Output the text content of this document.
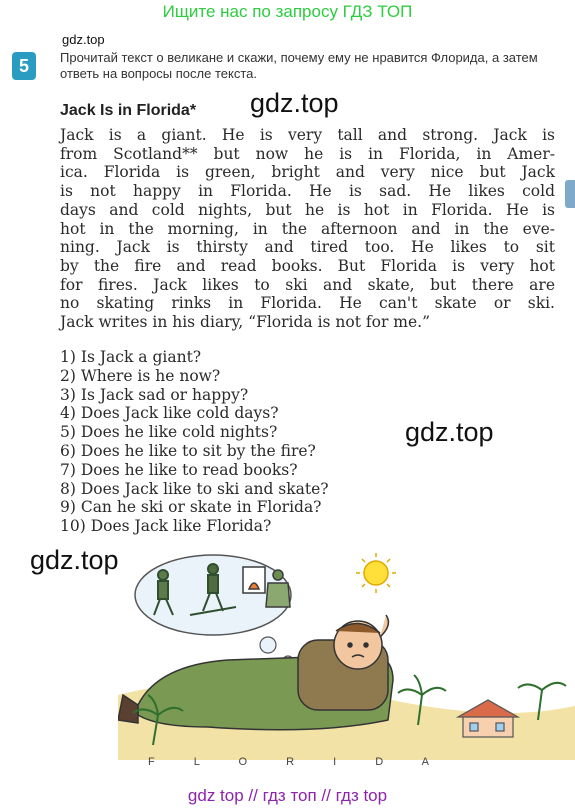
Ищите нас по запросу ГДЗ ТОП
gdz.top
5	Прочитай текст о великане и скажи, почему ему не нравится Флорида, а затем ответь на вопросы после текста.
Jack Is in Florida* gdz.top
Jack is a giant. He is very tall and strong. Jack is
from Scotland** but now he is in Florida, in Amer-
ica. Florida is green, bright and very nice but Jack
is not happy in Florida. He is sad. He likes cold
days and cold nights, but he is hot in Florida. He is
hot in the morning, in the afternoon and in the eve-
ning. Jack is thirsty and tired too. He likes to sit
by the fire and read books. But Florida is very hot
for fires. Jack likes to ski and skate, but there are
no skating rinks in Florida. He can't skate or ski.
Jack writes in his diary, “Florida is not for me.”
1) Is Jack a giant?
2) Where is he now?
3) Is Jack sad or happy?
4) Does Jack like cold days?
5) Does he like cold nights?
6) Does he like to sit by the fire?
7) Does he like to read books?
8) Does Jack like to ski and skate?
9) Can he ski or skate in Florida?
10) Does Jack like Florida?
gdz.top
gdz.top
F L O R I D A
gdz top // гдз топ // гдз top
